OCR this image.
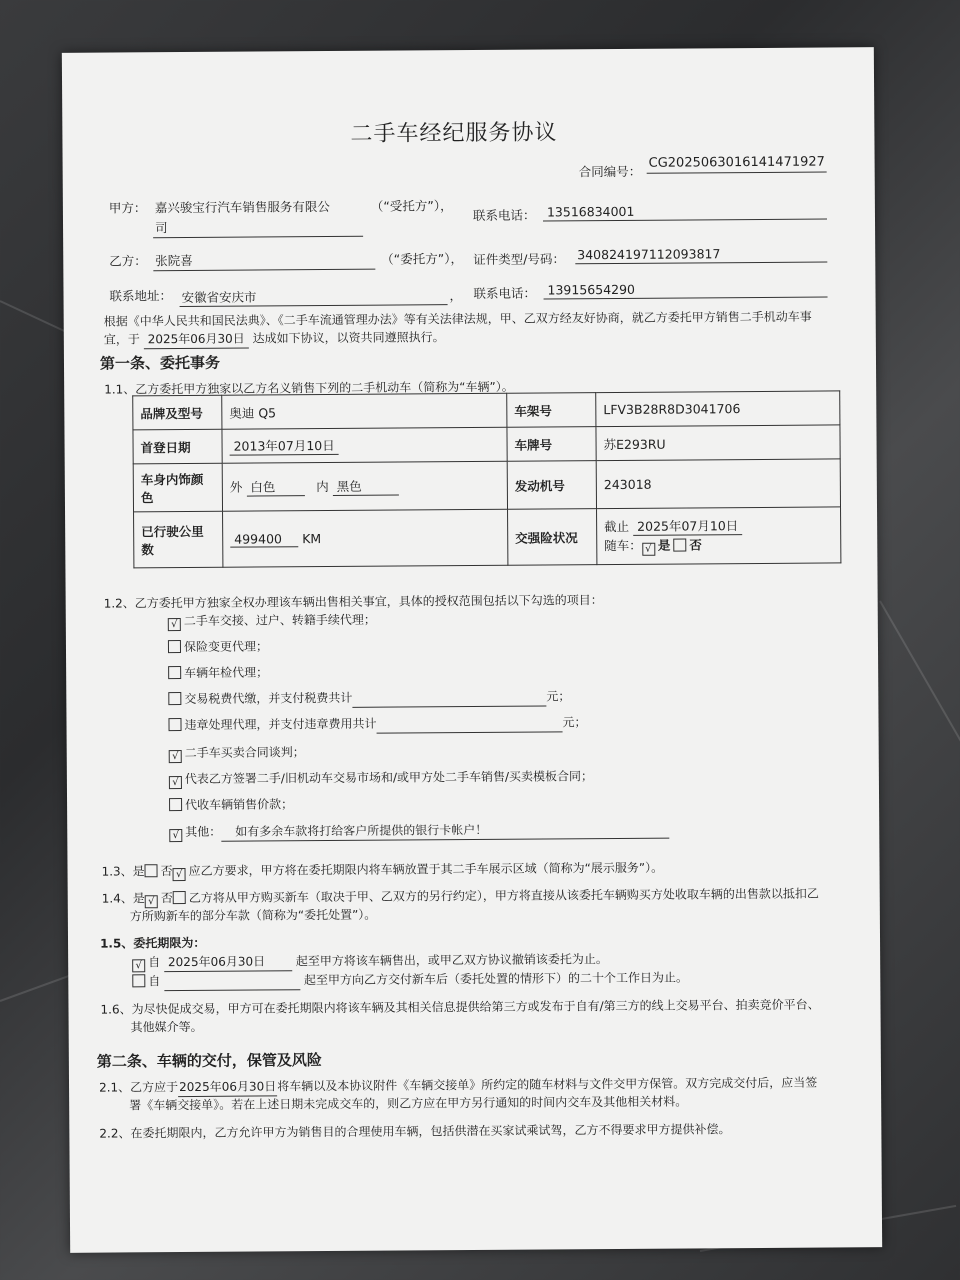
二手车经纪服务协议
合同编号：
CG2025063016141471927
甲方： 嘉兴骏宝行汽车销售服务有限公
司
（“受托方”），
联系电话： 13516834001
乙方： 张院喜	（“委托方”）， 证件类型/号码： 340824197112093817
联系地址： 安徽省安庆市	， 联系电话： 13915654290
根据《中华人民共和国民法典》、《二手车流通管理办法》等有关法律法规，甲、乙双方经友好协商，就乙方委托甲方销售二手机动车事
宜，于 2025年06月30日 达成如下协议，以资共同遵照执行。
第一条、委托事务
1.1、乙方委托甲方独家以乙方名义销售下列的二手机动车（简称为“车辆”）。
品牌及型号	奥迪 Q5	车架号	LFV3B28R8D3041706
首登日期	2013年07月10日	车牌号	苏E293RU
车身内饰颜色	外 白色 内 黑色	发动机号	243018
已行驶公里数	499400 KM	交强险状况	截止 2025年07月10日
随车： √ 是 否
1.2、乙方委托甲方独家全权办理该车辆出售相关事宜，具体的授权范围包括以下勾选的项目：
√ 二手车交接、过户、转籍手续代理；
保险变更代理；
车辆年检代理；
交易税费代缴，并支付税费共计	元；
违章处理代理，并支付违章费用共计	元；
√ 二手车买卖合同谈判；
√ 代表乙方签署二手/旧机动车交易市场和/或甲方处二手车销售/买卖模板合同；
代收车辆销售价款；
√ 其他： 如有多余车款将打给客户所提供的银行卡帐户！
1.3、是 否 √ 应乙方要求，甲方将在委托期限内将车辆放置于其二手车展示区域（简称为“展示服务”）。
1.4、是 √ 否 乙方将从甲方购买新车（取决于甲、乙双方的另行约定），甲方将直接从该委托车辆购买方处收取车辆的出售款以抵扣乙
方所购新车的部分车款（简称为“委托处置”）。
1.5、委托期限为：
√ 自 2025年06月30日	起至甲方将该车辆售出，或甲乙双方协议撤销该委托为止。
自	起至甲方向乙方交付新车后（委托处置的情形下）的二十个工作日为止。
1.6、为尽快促成交易，甲方可在委托期限内将该车辆及其相关信息提供给第三方或发布于自有/第三方的线上交易平台、拍卖竞价平台、
其他媒介等。
第二条、车辆的交付，保管及风险
2.1、乙方应于2025年06月30日将车辆以及本协议附件《车辆交接单》所约定的随车材料与文件交甲方保管。双方完成交付后，应当签
署《车辆交接单》。若在上述日期未完成交车的，则乙方应在甲方另行通知的时间内交车及其他相关材料。
2.2、在委托期限内，乙方允许甲方为销售目的合理使用车辆，包括供潜在买家试乘试驾，乙方不得要求甲方提供补偿。
